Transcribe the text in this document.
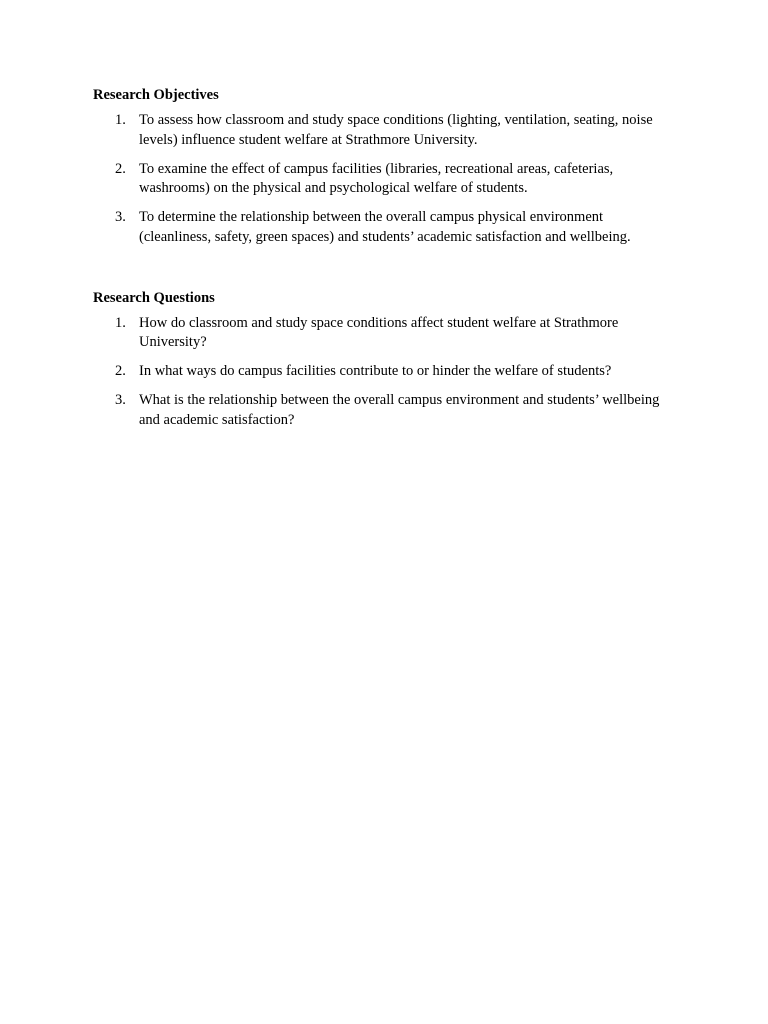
Research Objectives

1. To assess how classroom and study space conditions (lighting, ventilation, seating, noise levels) influence student welfare at Strathmore University.
2. To examine the effect of campus facilities (libraries, recreational areas, cafeterias, washrooms) on the physical and psychological welfare of students.
3. To determine the relationship between the overall campus physical environment (cleanliness, safety, green spaces) and students’ academic satisfaction and wellbeing.

Research Questions

1. How do classroom and study space conditions affect student welfare at Strathmore University?
2. In what ways do campus facilities contribute to or hinder the welfare of students?
3. What is the relationship between the overall campus environment and students’ wellbeing and academic satisfaction?
